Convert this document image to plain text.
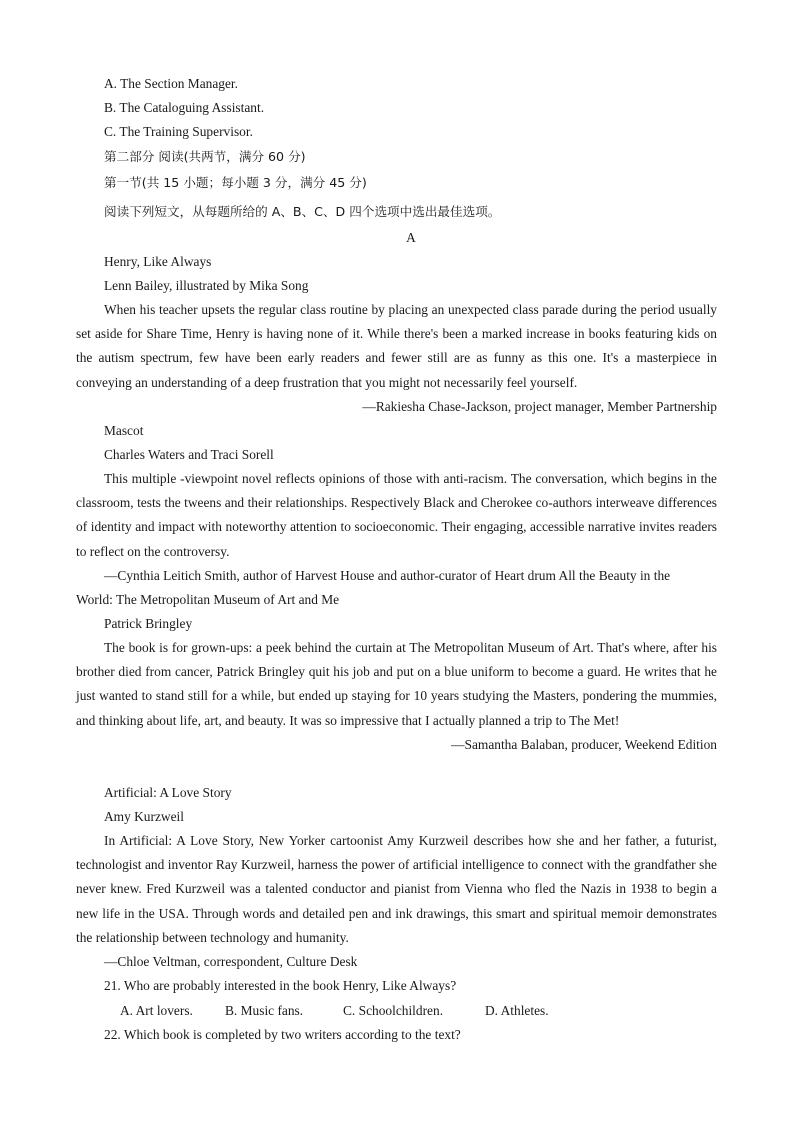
A. The Section Manager.
B. The Cataloguing Assistant.
C. The Training Supervisor.
第二部分 阅读(共两节，满分 60 分)
第一节(共 15 小题；每小题 3 分，满分 45 分)
阅读下列短文，从每题所给的 A、B、C、D 四个选项中选出最佳选项。
A
Henry, Like Always
Lenn Bailey, illustrated by Mika Song
When his teacher upsets the regular class routine by placing an unexpected class parade during the period usually set aside for Share Time, Henry is having none of it. While there's been a marked increase in books featuring kids on the autism spectrum, few have been early readers and fewer still are as funny as this one. It's a masterpiece in conveying an understanding of a deep frustration that you might not necessarily feel yourself.
—Rakiesha Chase-Jackson, project manager, Member Partnership
Mascot
Charles Waters and Traci Sorell
This multiple -viewpoint novel reflects opinions of those with anti-racism. The conversation, which begins in the classroom, tests the tweens and their relationships. Respectively Black and Cherokee co-authors interweave differences of identity and impact with noteworthy attention to socioeconomic. Their engaging, accessible narrative invites readers to reflect on the controversy.
—Cynthia Leitich Smith, author of Harvest House and author-curator of Heart drum All the Beauty in the
World: The Metropolitan Museum of Art and Me
Patrick Bringley
The book is for grown-ups: a peek behind the curtain at The Metropolitan Museum of Art. That's where, after his brother died from cancer, Patrick Bringley quit his job and put on a blue uniform to become a guard. He writes that he just wanted to stand still for a while, but ended up staying for 10 years studying the Masters, pondering the mummies, and thinking about life, art, and beauty. It was so impressive that I actually planned a trip to The Met!
—Samantha Balaban, producer, Weekend Edition
Artificial: A Love Story
Amy Kurzweil
In Artificial: A Love Story, New Yorker cartoonist Amy Kurzweil describes how she and her father, a futurist, technologist and inventor Ray Kurzweil, harness the power of artificial intelligence to connect with the grandfather she never knew. Fred Kurzweil was a talented conductor and pianist from Vienna who fled the Nazis in 1938 to begin a new life in the USA. Through words and detailed pen and ink drawings, this smart and spiritual memoir demonstrates the relationship between technology and humanity.
—Chloe Veltman, correspondent, Culture Desk
21. Who are probably interested in the book Henry, Like Always?
A. Art lovers. B. Music fans.	C. Schoolchildren.	D. Athletes.
22. Which book is completed by two writers according to the text?
